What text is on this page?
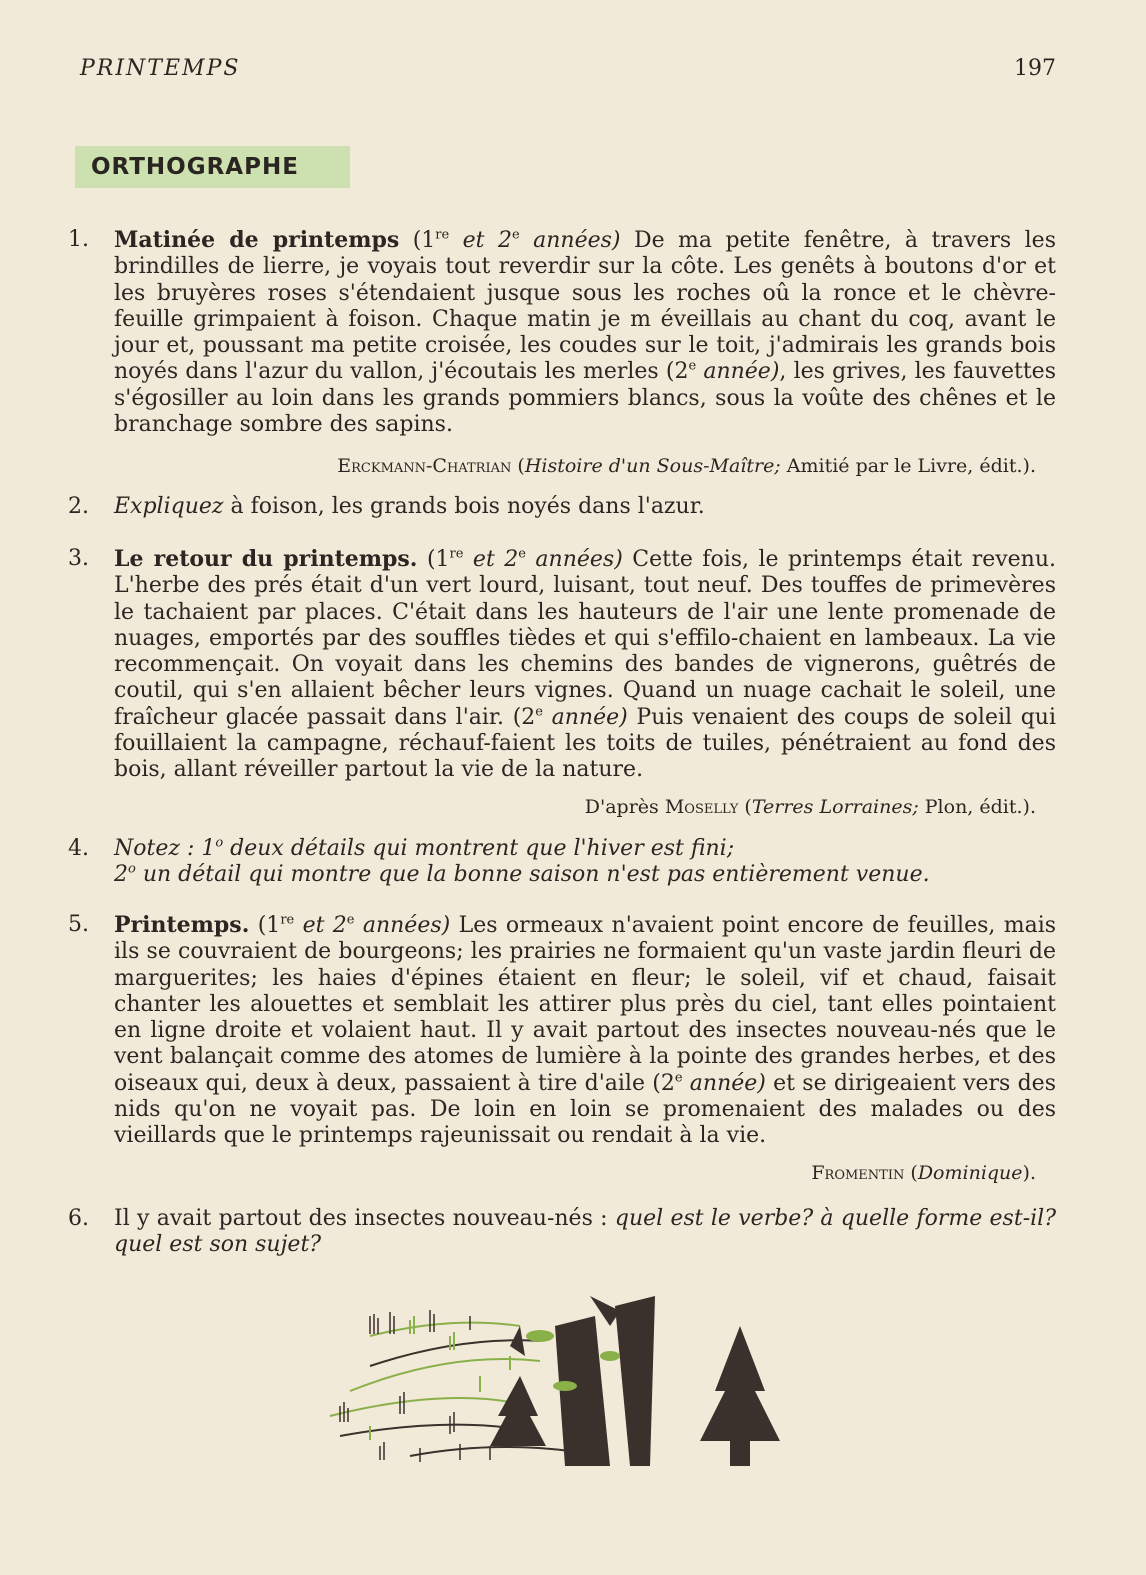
PRINTEMPS	197
ORTHOGRAPHE
1. Matinée de printemps (1re et 2e années) De ma petite fenêtre, à travers les brindilles de lierre, je voyais tout reverdir sur la côte. Les genêts à boutons d'or et les bruyères roses s'étendaient jusque sous les roches oû la ronce et le chèvre-feuille grimpaient à foison. Chaque matin je m éveillais au chant du coq, avant le jour et, poussant ma petite croisée, les coudes sur le toit, j'admirais les grands bois noyés dans l'azur du vallon, j'écoutais les merles (2e année), les grives, les fauvettes s'égosiller au loin dans les grands pommiers blancs, sous la voûte des chênes et le branchage sombre des sapins.
Erckmann-Chatrian (Histoire d'un Sous-Maître; Amitié par le Livre, édit.).
2. Expliquez à foison, les grands bois noyés dans l'azur.
3. Le retour du printemps. (1re et 2e années) Cette fois, le printemps était revenu. L'herbe des prés était d'un vert lourd, luisant, tout neuf. Des touffes de primevères le tachaient par places. C'était dans les hauteurs de l'air une lente promenade de nuages, emportés par des souffles tièdes et qui s'effilo-chaient en lambeaux. La vie recommençait. On voyait dans les chemins des bandes de vignerons, guêtrés de coutil, qui s'en allaient bêcher leurs vignes. Quand un nuage cachait le soleil, une fraîcheur glacée passait dans l'air. (2e année) Puis venaient des coups de soleil qui fouillaient la campagne, réchauf-faient les toits de tuiles, pénétraient au fond des bois, allant réveiller partout la vie de la nature.
D'après Moselly (Terres Lorraines; Plon, édit.).
4. Notez : 1$^o$ deux détails qui montrent que l'hiver est fini;
2$^o$ un détail qui montre que la bonne saison n'est pas entièrement venue.
5. Printemps. (1re et 2e années) Les ormeaux n'avaient point encore de feuilles, mais ils se couvraient de bourgeons; les prairies ne formaient qu'un vaste jardin fleuri de marguerites; les haies d'épines étaient en fleur; le soleil, vif et chaud, faisait chanter les alouettes et semblait les attirer plus près du ciel, tant elles pointaient en ligne droite et volaient haut. Il y avait partout des insectes nouveau-nés que le vent balançait comme des atomes de lumière à la pointe des grandes herbes, et des oiseaux qui, deux à deux, passaient à tire d'aile (2e année) et se dirigeaient vers des nids qu'on ne voyait pas. De loin en loin se promenaient des malades ou des vieillards que le printemps rajeunissait ou rendait à la vie.
Fromentin (Dominique).
6. Il y avait partout des insectes nouveau-nés : quel est le verbe? à quelle forme est-il? quel est son sujet?
